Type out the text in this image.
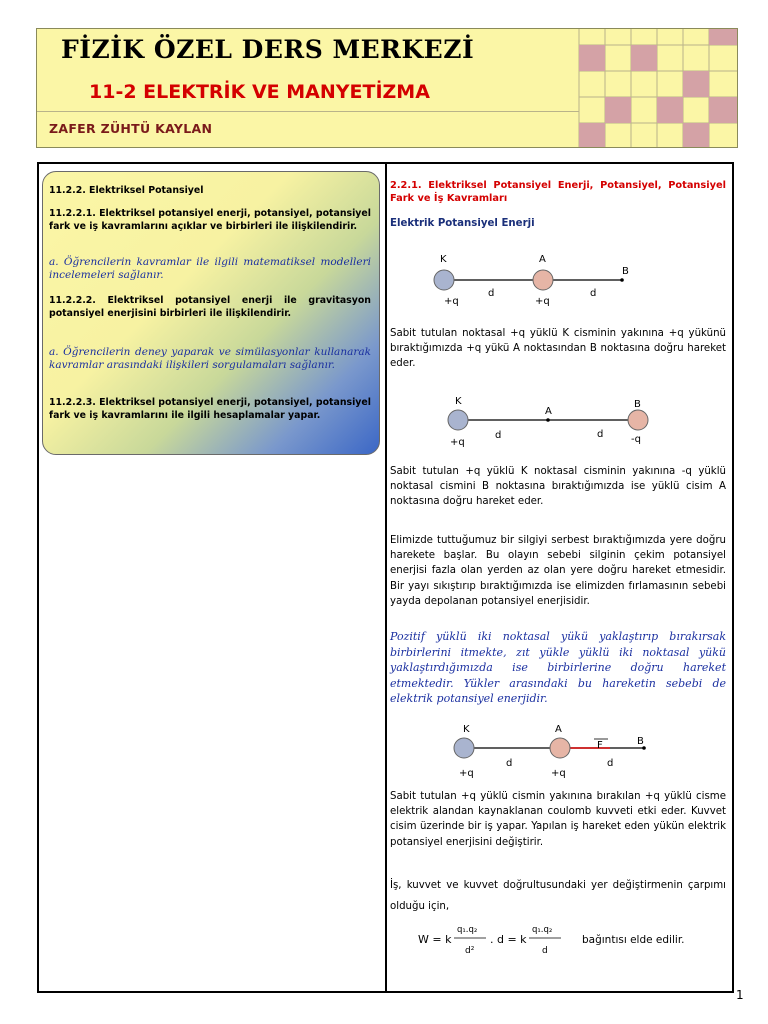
FİZİK ÖZEL DERS MERKEZİ
11-2 ELEKTRİK VE MANYETİZMA
ZAFER ZÜHTÜ KAYLAN
11.2.2. Elektriksel Potansiyel
11.2.2.1. Elektriksel potansiyel enerji, potansiyel, potansiyel fark ve iş kavramlarını açıklar ve birbirleri ile ilişkilendirir.
a. Öğrencilerin kavramlar ile ilgili matematiksel modelleri incelemeleri sağlanır.
11.2.2.2. Elektriksel potansiyel enerji ile gravitasyon potansiyel enerjisini birbirleri ile ilişkilendirir.
a. Öğrencilerin deney yaparak ve simülasyonlar kullanarak kavramlar arasındaki ilişkileri sorgulamaları sağlanır.
11.2.2.3. Elektriksel potansiyel enerji, potansiyel, potansiyel fark ve iş kavramlarını ile ilgili hesaplamalar yapar.
2.2.1. Elektriksel Potansiyel Enerji, Potansiyel, Potansiyel Fark ve İş Kavramları
Elektrik Potansiyel Enerji
K	A
B
+q	+q
d	d
Sabit tutulan noktasal +q yüklü K cisminin yakınına +q yükünü bıraktığımızda +q yükü A noktasından B noktasına doğru hareket eder.
K
A
B
+q	-q
d	d
Sabit tutulan +q yüklü K noktasal cisminin yakınına -q yüklü noktasal cismini B noktasına bıraktığımızda ise yüklü cisim A noktasına doğru hareket eder.
Elimizde tuttuğumuz bir silgiyi serbest bıraktığımızda yere doğru harekete başlar. Bu olayın sebebi silginin çekim potansiyel enerjisi fazla olan yerden az olan yere doğru hareket etmesidir. Bir yayı sıkıştırıp bıraktığımızda ise elimizden fırlamasının sebebi yayda depolanan potansiyel enerjisidir.
Pozitif yüklü iki noktasal yükü yaklaştırıp bırakırsak birbirlerini itmekte, zıt yükle yüklü iki noktasal yükü yaklaştırdığımızda ise birbirlerine doğru hareket etmektedir. Yükler arasındaki bu hareketin sebebi de elektrik potansiyel enerjidir.
K	A
F	B
+q	+q
d	d
Sabit tutulan +q yüklü cismin yakınına bırakılan +q yüklü cisme elektrik alandan kaynaklanan coulomb kuvveti etki eder. Kuvvet cisim üzerinde bir iş yapar. Yapılan iş hareket eden yükün elektrik potansiyel enerjisini değiştirir.
İş, kuvvet ve kuvvet doğrultusundaki yer değiştirmenin çarpımı olduğu için,
W = k
q₁.q₂
d²
. d = k
q₁.q₂
d
bağıntısı elde edilir.
1
